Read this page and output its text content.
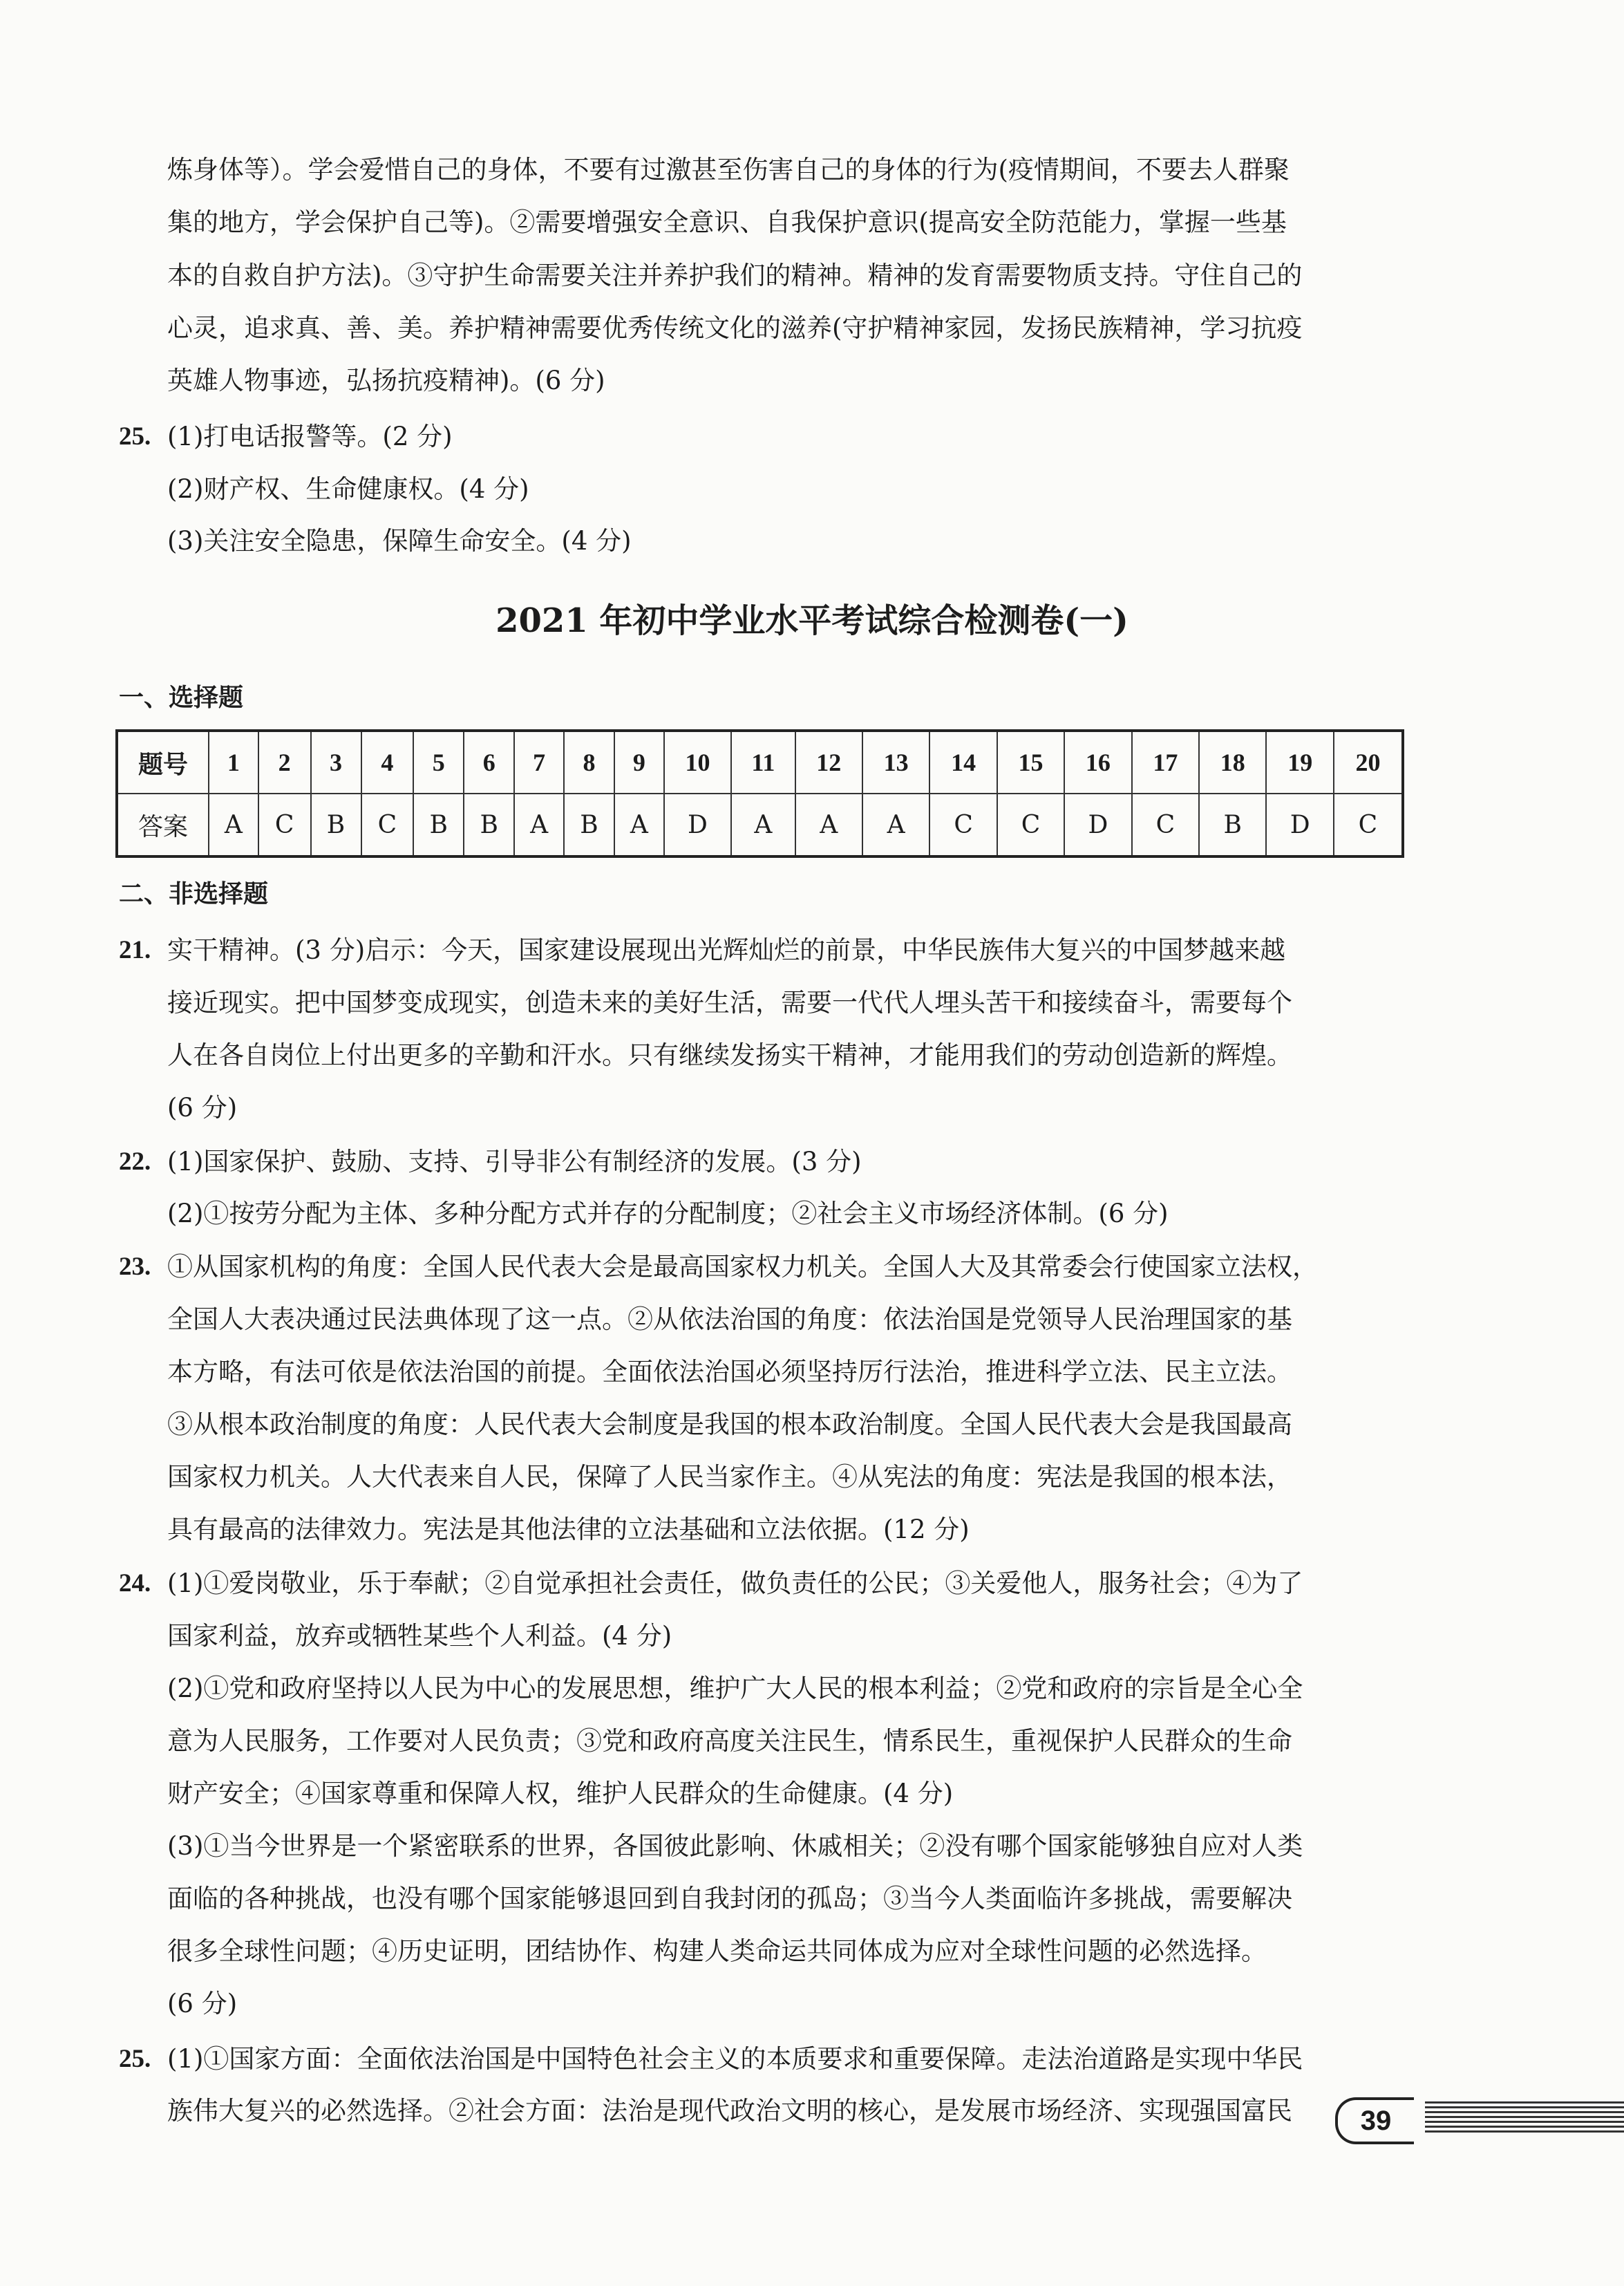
炼身体等）。学会爱惜自己的身体，不要有过激甚至伤害自己的身体的行为(疫情期间，不要去人群聚
集的地方，学会保护自己等)。②需要增强安全意识、自我保护意识(提高安全防范能力，掌握一些基
本的自救自护方法)。③守护生命需要关注并养护我们的精神。精神的发育需要物质支持。守住自己的
心灵，追求真、善、美。养护精神需要优秀传统文化的滋养(守护精神家园，发扬民族精神，学习抗疫
英雄人物事迹，弘扬抗疫精神)。(6 分)
25. (1)打电话报警等。(2 分)
(2)财产权、生命健康权。(4 分)
(3)关注安全隐患，保障生命安全。(4 分)
2021 年初中学业水平考试综合检测卷(一)
一、选择题
题号	1	2	3	4	5	6	7	8	9	10	11	12	13	14	15	16	17	18	19	20
答案	A	C	B	C	B	B	A	B	A	D	A	A	A	C	C	D	C	B	D	C
二、非选择题
21. 实干精神。(3 分)启示：今天，国家建设展现出光辉灿烂的前景，中华民族伟大复兴的中国梦越来越
接近现实。把中国梦变成现实，创造未来的美好生活，需要一代代人埋头苦干和接续奋斗，需要每个
人在各自岗位上付出更多的辛勤和汗水。只有继续发扬实干精神，才能用我们的劳动创造新的辉煌。
(6 分)
22. (1)国家保护、鼓励、支持、引导非公有制经济的发展。(3 分)
(2)①按劳分配为主体、多种分配方式并存的分配制度；②社会主义市场经济体制。(6 分)
23. ①从国家机构的角度：全国人民代表大会是最高国家权力机关。全国人大及其常委会行使国家立法权，
全国人大表决通过民法典体现了这一点。②从依法治国的角度：依法治国是党领导人民治理国家的基
本方略，有法可依是依法治国的前提。全面依法治国必须坚持厉行法治，推进科学立法、民主立法。
③从根本政治制度的角度：人民代表大会制度是我国的根本政治制度。全国人民代表大会是我国最高
国家权力机关。人大代表来自人民，保障了人民当家作主。④从宪法的角度：宪法是我国的根本法，
具有最高的法律效力。宪法是其他法律的立法基础和立法依据。(12 分)
24. (1)①爱岗敬业，乐于奉献；②自觉承担社会责任，做负责任的公民；③关爱他人，服务社会；④为了
国家利益，放弃或牺牲某些个人利益。(4 分)
(2)①党和政府坚持以人民为中心的发展思想，维护广大人民的根本利益；②党和政府的宗旨是全心全
意为人民服务，工作要对人民负责；③党和政府高度关注民生，情系民生，重视保护人民群众的生命
财产安全；④国家尊重和保障人权，维护人民群众的生命健康。(4 分)
(3)①当今世界是一个紧密联系的世界，各国彼此影响、休戚相关；②没有哪个国家能够独自应对人类
面临的各种挑战，也没有哪个国家能够退回到自我封闭的孤岛；③当今人类面临许多挑战，需要解决
很多全球性问题；④历史证明，团结协作、构建人类命运共同体成为应对全球性问题的必然选择。
(6 分)
25. (1)①国家方面：全面依法治国是中国特色社会主义的本质要求和重要保障。走法治道路是实现中华民
族伟大复兴的必然选择。②社会方面：法治是现代政治文明的核心，是发展市场经济、实现强国富民 39
